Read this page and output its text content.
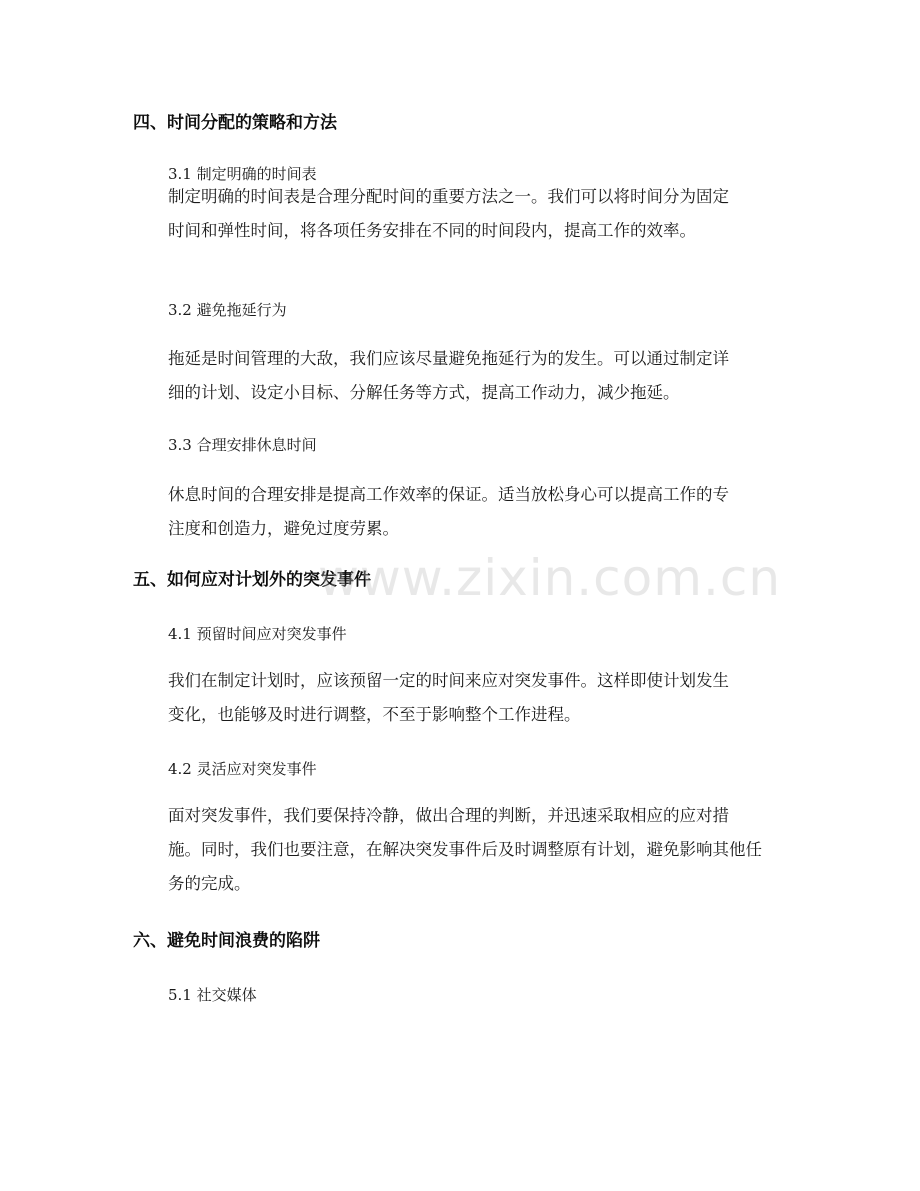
四、时间分配的策略和方法
3.1 制定明确的时间表
制定明确的时间表是合理分配时间的重要方法之一。我们可以将时间分为固定
时间和弹性时间，将各项任务安排在不同的时间段内，提高工作的效率。
3.2 避免拖延行为
拖延是时间管理的大敌，我们应该尽量避免拖延行为的发生。可以通过制定详
细的计划、设定小目标、分解任务等方式，提高工作动力，减少拖延。
3.3 合理安排休息时间
休息时间的合理安排是提高工作效率的保证。适当放松身心可以提高工作的专
注度和创造力，避免过度劳累。
五、如何应对计划外的突发事件
4.1 预留时间应对突发事件
我们在制定计划时，应该预留一定的时间来应对突发事件。这样即使计划发生
变化，也能够及时进行调整，不至于影响整个工作进程。
4.2 灵活应对突发事件
面对突发事件，我们要保持冷静，做出合理的判断，并迅速采取相应的应对措
施。同时，我们也要注意，在解决突发事件后及时调整原有计划，避免影响其他任
务的完成。
六、避免时间浪费的陷阱
5.1 社交媒体
www.zixin.com.cn
